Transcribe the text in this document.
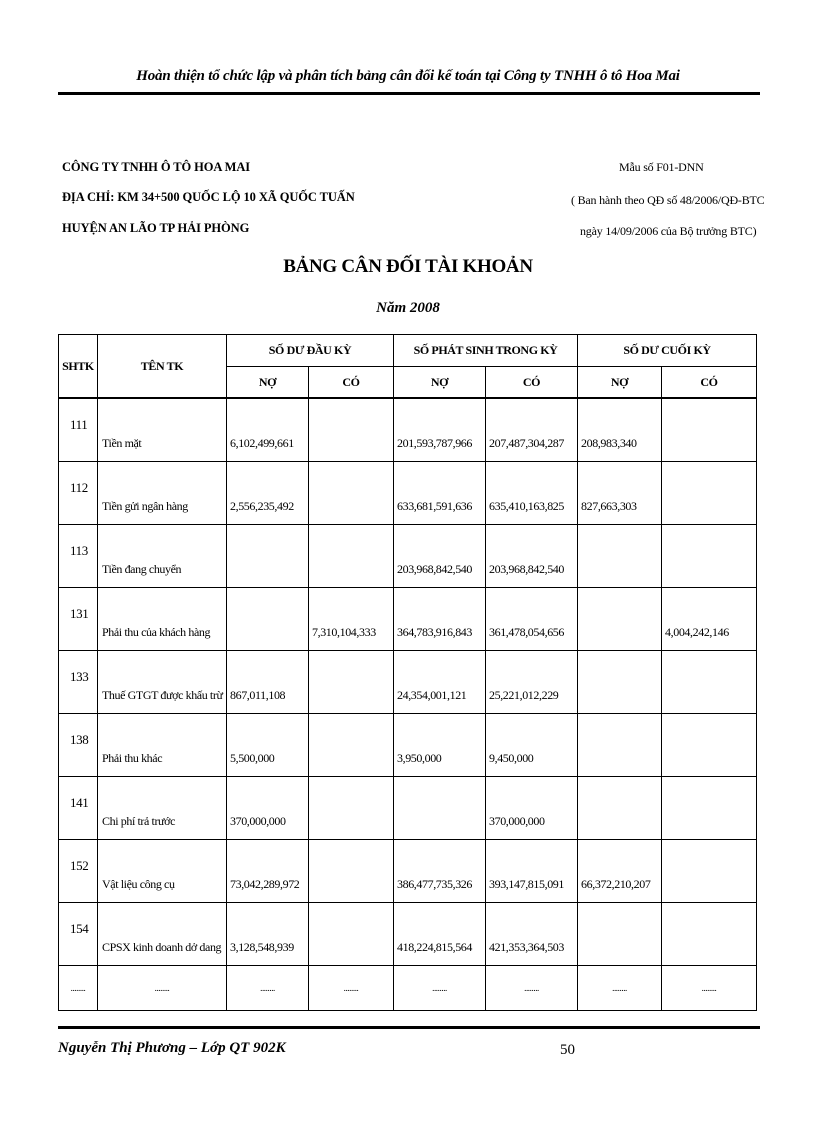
Hoàn thiện tổ chức lập và phân tích bảng cân đối kế toán tại Công ty TNHH ô tô Hoa Mai
CÔNG TY TNHH Ô TÔ HOA MAI
ĐỊA CHỈ: KM 34+500 QUỐC LỘ 10 XÃ QUỐC TUẤN
HUYỆN AN LÃO TP HẢI PHÒNG
Mẫu số F01-DNN
( Ban hành theo QĐ số 48/2006/QĐ-BTC
ngày 14/09/2006 của Bộ trưởng BTC)
BẢNG CÂN ĐỐI TÀI KHOẢN
Năm 2008
SHTK	TÊN TK	SỐ DƯ ĐẦU KỲ		SỐ PHÁT SINH TRONG KỲ		SỐ DƯ CUỐI KỲ	
		NỢ	CÓ	NỢ	CÓ	NỢ	CÓ

111	Tiền mặt	6,102,499,661		201,593,787,966	207,487,304,287	208,983,340	

112	Tiền gửi ngân hàng	2,556,235,492		633,681,591,636	635,410,163,825	827,663,303	

113	Tiền đang chuyển			203,968,842,540	203,968,842,540		

131	Phải thu của khách hàng		7,310,104,333	364,783,916,843	361,478,054,656		4,004,242,146

133	Thuế GTGT được khấu trừ	867,011,108		24,354,001,121	25,221,012,229		

138	Phải thu khác	5,500,000		3,950,000	9,450,000		

141	Chi phí trả trước	370,000,000			370,000,000		

152	Vật liệu công cụ	73,042,289,972		386,477,735,326	393,147,815,091	66,372,210,207	

154	CPSX kinh doanh dở dang	3,128,548,939		418,224,815,564	421,353,364,503		

........	........	........	........	........	........	........	........
Nguyễn Thị Phương – Lớp QT 902K	50
